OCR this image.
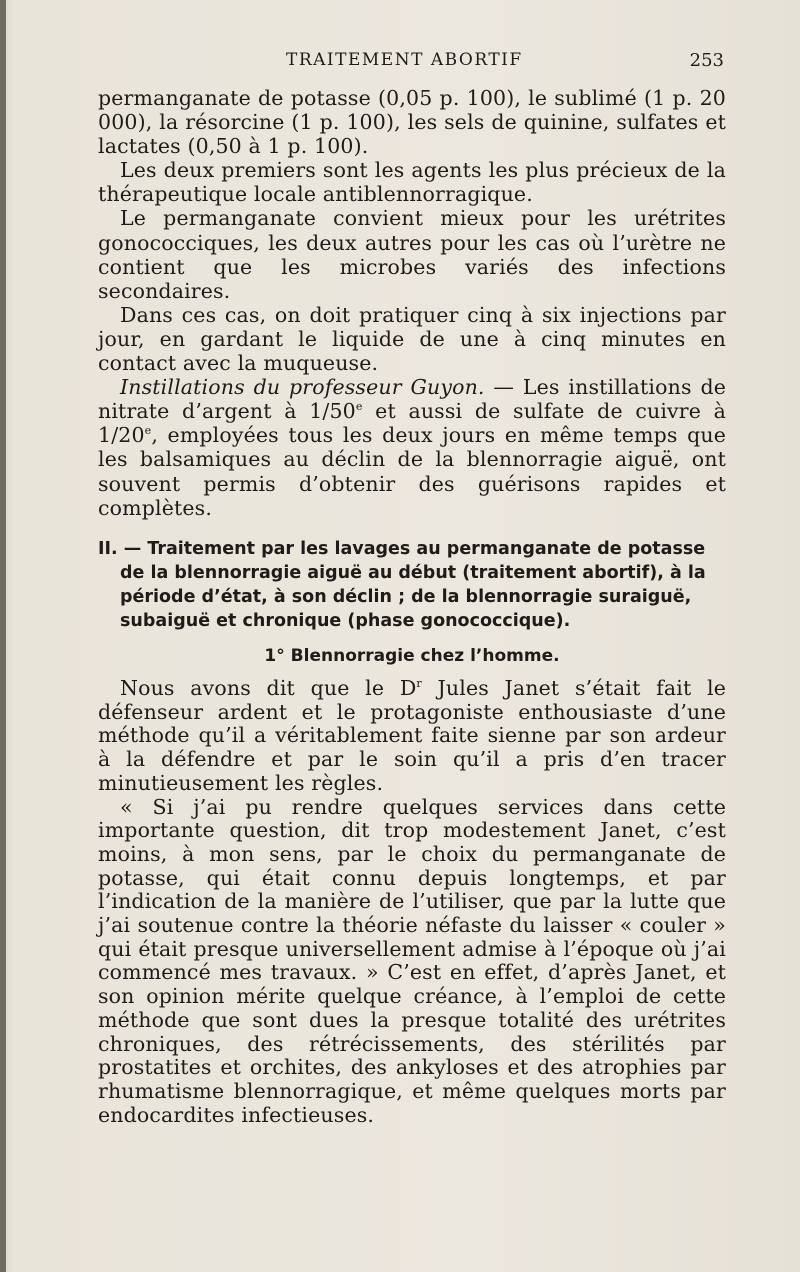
TRAITEMENT ABORTIF	253

permanganate de potasse (0,05 p. 100), le sublimé (1 p. 20 000), la résorcine (1 p. 100), les sels de quinine, sulfates et lactates (0,50 à 1 p. 100).

Les deux premiers sont les agents les plus précieux de la thérapeutique locale antiblennorragique.

Le permanganate convient mieux pour les urétrites gonococciques, les deux autres pour les cas où l’urètre ne contient que les microbes variés des infections secondaires.

Dans ces cas, on doit pratiquer cinq à six injections par jour, en gardant le liquide de une à cinq minutes en contact avec la muqueuse.

Instillations du professeur Guyon. — Les instillations de nitrate d’argent à 1/50e et aussi de sulfate de cuivre à 1/20e, employées tous les deux jours en même temps que les balsamiques au déclin de la blennorragie aiguë, ont souvent permis d’obtenir des guérisons rapides et complètes.

II. — Traitement par les lavages au permanganate de potasse de la blennorragie aiguë au début (traitement abortif), à la période d’état, à son déclin ; de la blennorragie suraiguë, subaiguë et chronique (phase gonococcique).

1° Blennorragie chez l’homme.

Nous avons dit que le $D^r$ Jules Janet s’était fait le défenseur ardent et le protagoniste enthousiaste d’une méthode qu’il a véritablement faite sienne par son ardeur à la défendre et par le soin qu’il a pris d’en tracer minutieusement les règles.

« Si j’ai pu rendre quelques services dans cette importante question, dit trop modestement Janet, c’est moins, à mon sens, par le choix du permanganate de potasse, qui était connu depuis longtemps, et par l’indication de la manière de l’utiliser, que par la lutte que j’ai soutenue contre la théorie néfaste du laisser « couler » qui était presque universellement admise à l’époque où j’ai commencé mes travaux. » C’est en effet, d’après Janet, et son opinion mérite quelque créance, à l’emploi de cette méthode que sont dues la presque totalité des urétrites chroniques, des rétrécissements, des stérilités par prostatites et orchites, des ankyloses et des atrophies par rhumatisme blennorragique, et même quelques morts par endocardites infectieuses.
